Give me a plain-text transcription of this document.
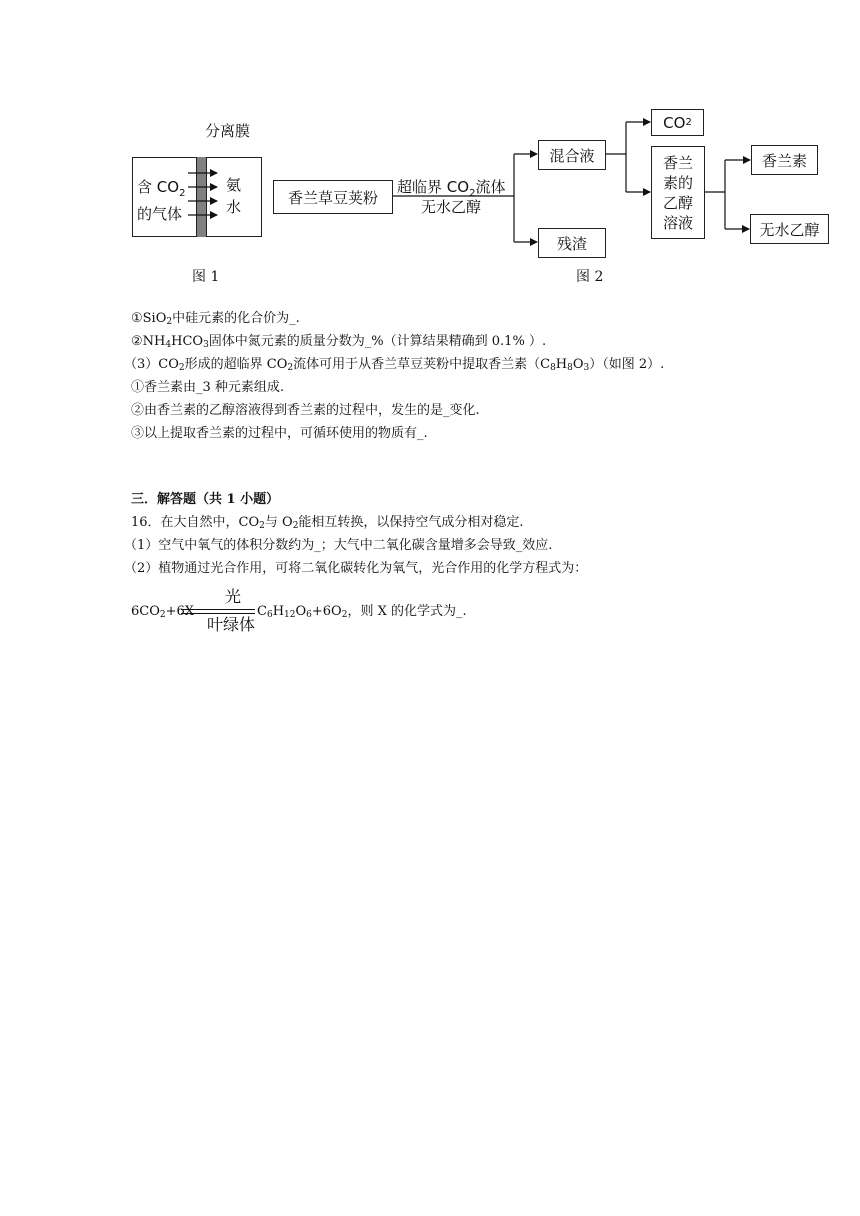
分离膜
含 $CO_2$
的气体
氨
水
图 1
香兰草豆荚粉
超临界 $CO_2$流体
无水乙醇
混合液
残渣
CO 2
香兰
素的
乙醇
溶液
香兰素
无水乙醇
图 2
①SiO$_2$中硅元素的化合价为_.
$②NH_4HCO_3$固体中氮元素的质量分数为_%（计算结果精确到 0.1% ）.
$(3)CO_2$形成的超临界 $CO_2$流体可用于从香兰草豆荚粉中提取香兰素$(C_8H_8O_3)$（如图 2）.
①香兰素由_3 种元素组成.
②由香兰素的乙醇溶液得到香兰素的过程中，发生的是_变化.
③以上提取香兰素的过程中，可循环使用的物质有_.
三．解答题（共 1 小题）
16．在大自然中，$CO_2$与 $O_2$能相互转换，以保持空气成分相对稳定.
（1）空气中氧气的体积分数约为_；大气中二氧化碳含量增多会导致_效应.
（2）植物通过光合作用，可将二氧化碳转化为氧气，光合作用的化学方程式为：
$6CO_2+6X$
光
叶绿体
$C_6H_{12}O_6+6O_2$，则 X 的化学式为_.
